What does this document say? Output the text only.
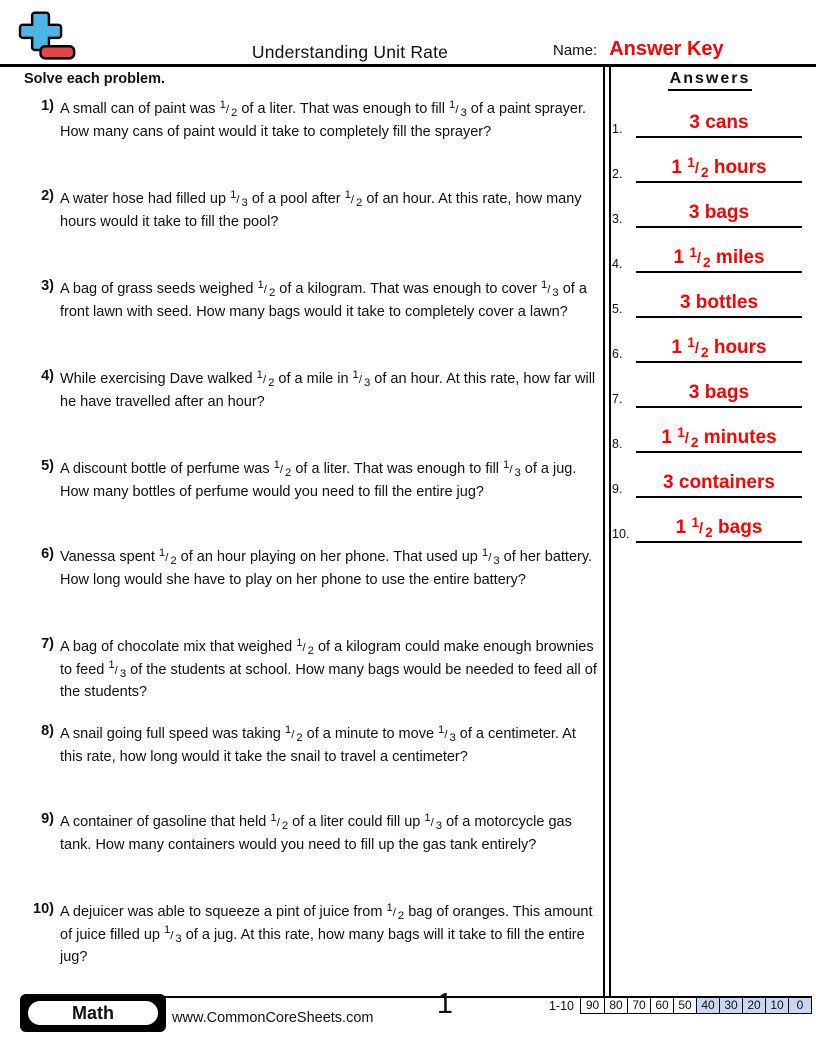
Understanding Unit Rate	Name: Answer Key
Solve each problem.	Answers
1) A small can of paint was $^1$/ $_2$ of a liter. That was enough to fill $^1$/ $_3$ of a paint sprayer. How many cans of paint would it take to completely fill the sprayer?
2) A water hose had filled up $^1$/ $_3$ of a pool after $^1$/ $_2$ of an hour. At this rate, how many hours would it take to fill the pool?
3) A bag of grass seeds weighed $^1$/ $_2$ of a kilogram. That was enough to cover $^1$/ $_3$ of a front lawn with seed. How many bags would it take to completely cover a lawn?
4) While exercising Dave walked $^1$/ $_2$ of a mile in $^1$/ $_3$ of an hour. At this rate, how far will he have travelled after an hour?
5) A discount bottle of perfume was $^1$/ $_2$ of a liter. That was enough to fill $^1$/ $_3$ of a jug. How many bottles of perfume would you need to fill the entire jug?
6) Vanessa spent $^1$/ $_2$ of an hour playing on her phone. That used up $^1$/ $_3$ of her battery. How long would she have to play on her phone to use the entire battery?
7) A bag of chocolate mix that weighed $^1$/ $_2$ of a kilogram could make enough brownies to feed $^1$/ $_3$ of the students at school. How many bags would be needed to feed all of the students?
8) A snail going full speed was taking $^1$/ $_2$ of a minute to move $^1$/ $_3$ of a centimeter. At this rate, how long would it take the snail to travel a centimeter?
9) A container of gasoline that held $^1$/ $_2$ of a liter could fill up $^1$/ $_3$ of a motorcycle gas tank. How many containers would you need to fill up the gas tank entirely?
10) A dejuicer was able to squeeze a pint of juice from $^1$/ $_2$ bag of oranges. This amount of juice filled up $^1$/ $_3$ of a jug. At this rate, how many bags will it take to fill the entire jug?
1.	3 cans
2.	1 $^1$/ $_2$ hours
3.	3 bags
4.	1 $^1$/ $_2$ miles
5.	3 bottles
6.	1 $^1$/ $_2$ hours
7.	3 bags
8.	1 $^1$/ $_2$ minutes
9.	3 containers
10.	1 $^1$/ $_2$ bags
Math	www.CommonCoreSheets.com	1	1-10 90 80 70 60 50 40 30 20 10	0
